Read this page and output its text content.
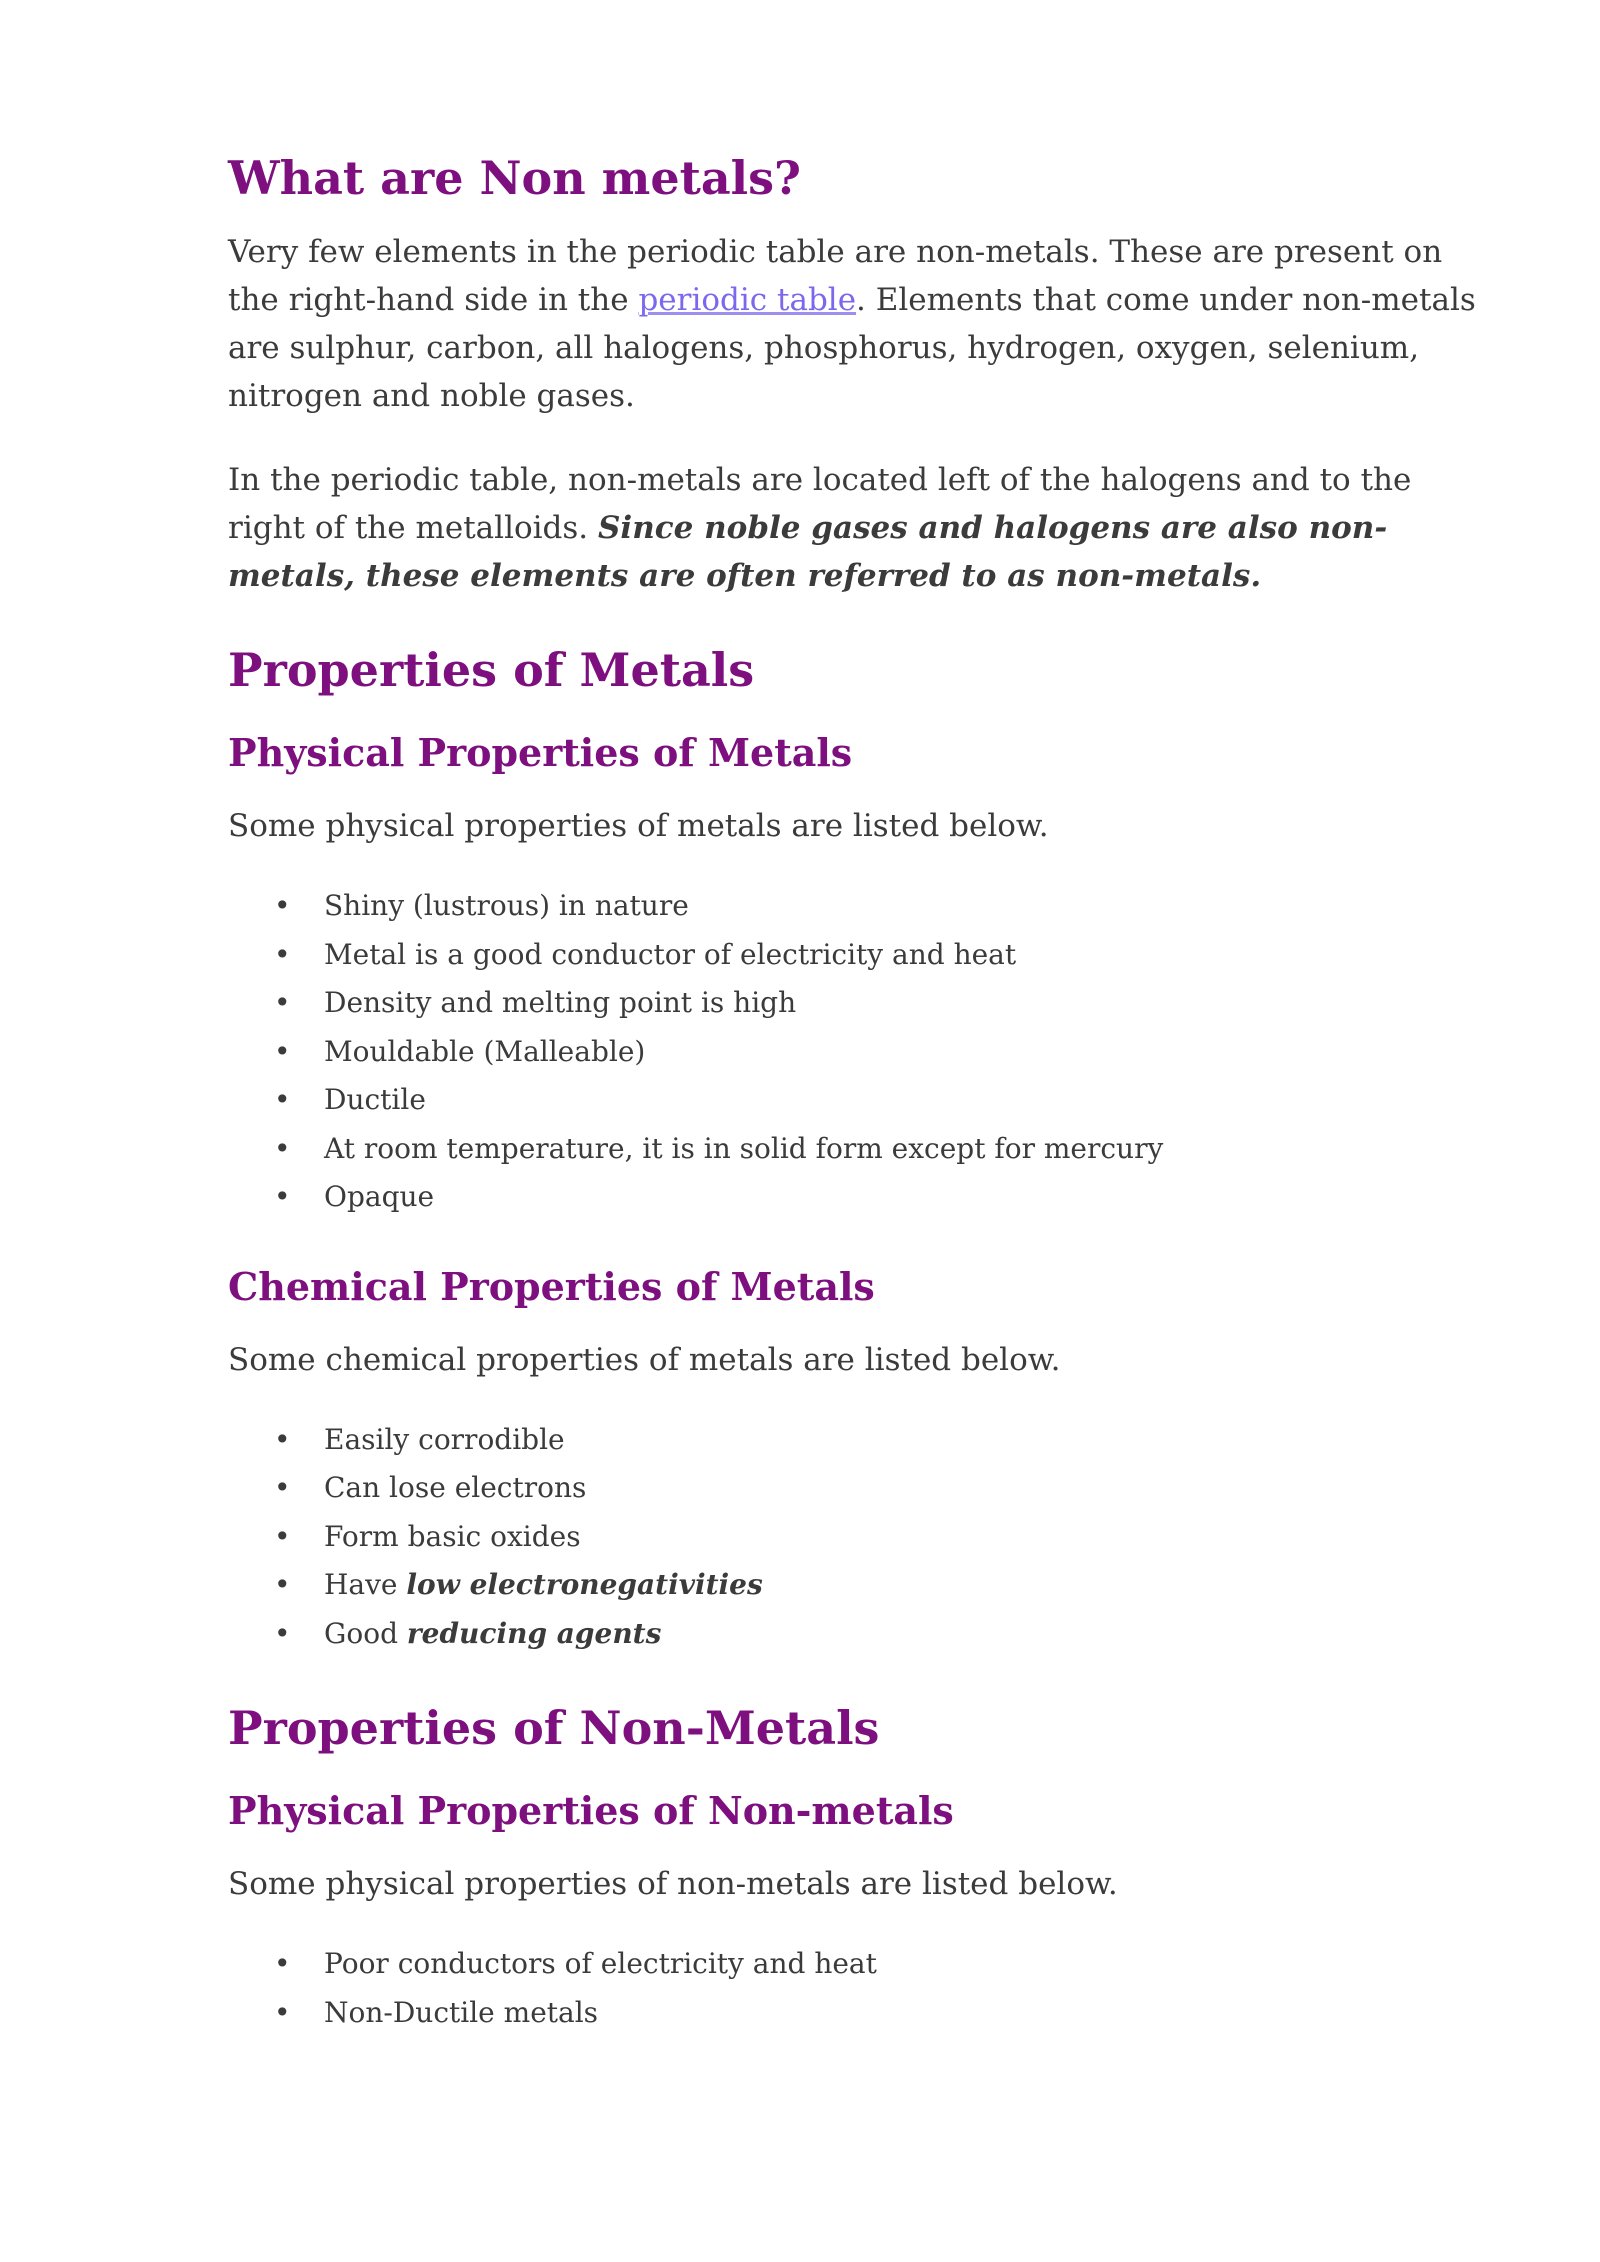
What are Non metals?

Very few elements in the periodic table are non-metals. These are present on the right-hand side in the periodic table. Elements that come under non-metals are sulphur, carbon, all halogens, phosphorus, hydrogen, oxygen, selenium, nitrogen and noble gases.

In the periodic table, non-metals are located left of the halogens and to the right of the metalloids. Since noble gases and halogens are also non-metals, these elements are often referred to as non-metals.

Properties of Metals
Physical Properties of Metals

Some physical properties of metals are listed below.

• Shiny (lustrous) in nature
• Metal is a good conductor of electricity and heat
• Density and melting point is high
• Mouldable (Malleable)
• Ductile
• At room temperature, it is in solid form except for mercury
• Opaque
Chemical Properties of Metals

Some chemical properties of metals are listed below.

• Easily corrodible
• Can lose electrons
• Form basic oxides
• Have low electronegativities
• Good reducing agents
Properties of Non-Metals
Physical Properties of Non-metals

Some physical properties of non-metals are listed below.

• Poor conductors of electricity and heat
• Non-Ductile metals
